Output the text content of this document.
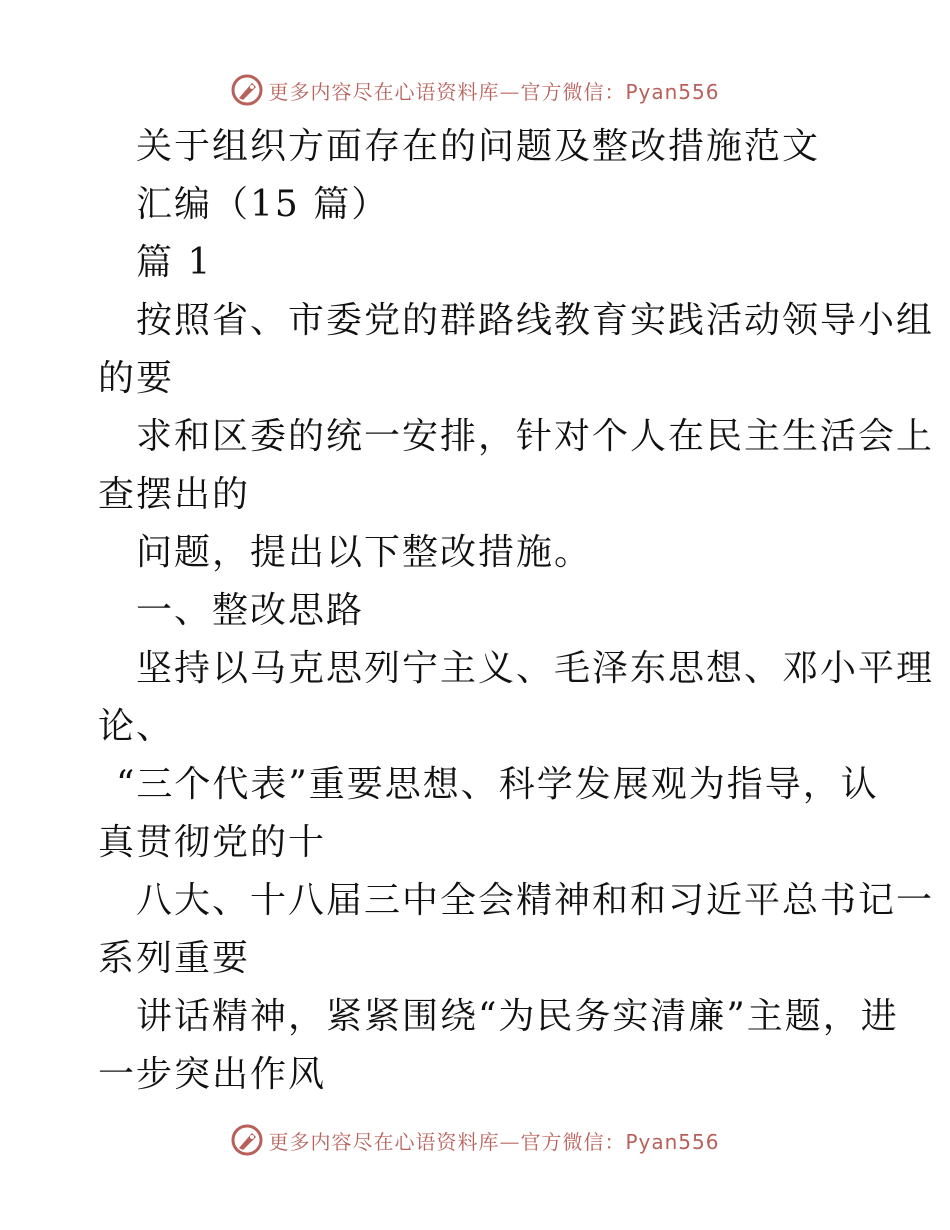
更多内容尽在心语资料库—官方微信：Pyan556
关于组织方面存在的问题及整改措施范文
汇编（15 篇）
篇 1
按照省、市委党的群路线教育实践活动领导小组
的要
求和区委的统一安排，针对个人在民主生活会上
查摆出的
问题，提出以下整改措施。
一、整改思路
坚持以马克思列宁主义、毛泽东思想、邓小平理
论、
“三个代表”重要思想、科学发展观为指导，认
真贯彻党的十
八大、十八届三中全会精神和和习近平总书记一
系列重要
讲话精神，紧紧围绕“为民务实清廉”主题，进
一步突出作风
更多内容尽在心语资料库—官方微信：Pyan556
